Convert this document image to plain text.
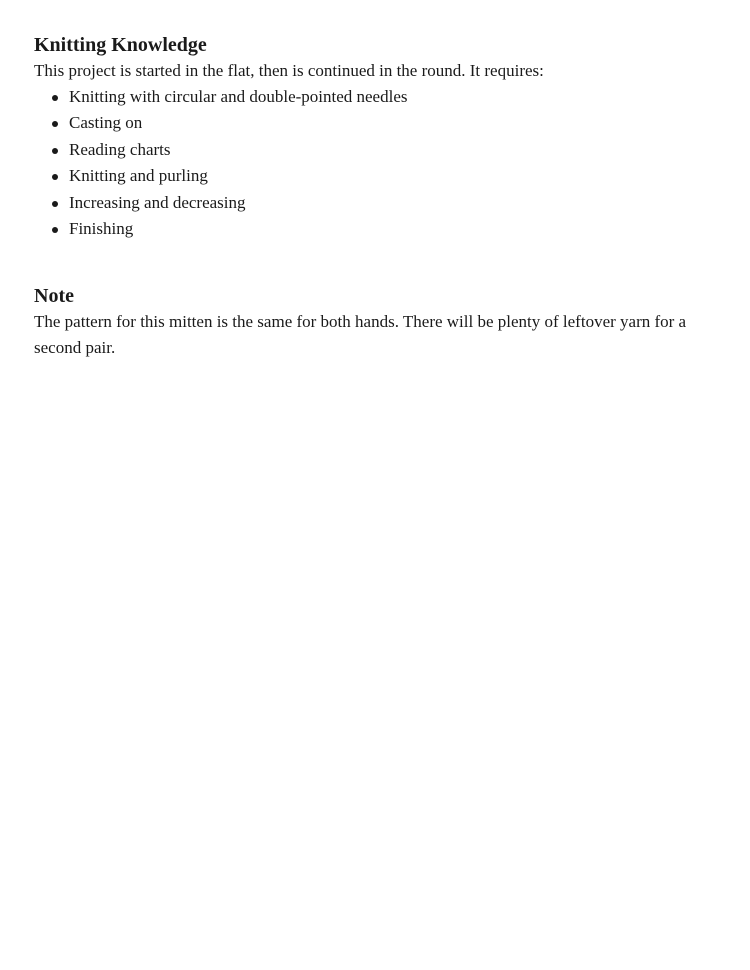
Knitting Knowledge

This project is started in the flat, then is continued in the round. It requires:

Knitting with circular and double-pointed needles
Casting on
Reading charts
Knitting and purling
Increasing and decreasing
Finishing
Note

The pattern for this mitten is the same for both hands. There will be plenty of leftover yarn for a second pair.
